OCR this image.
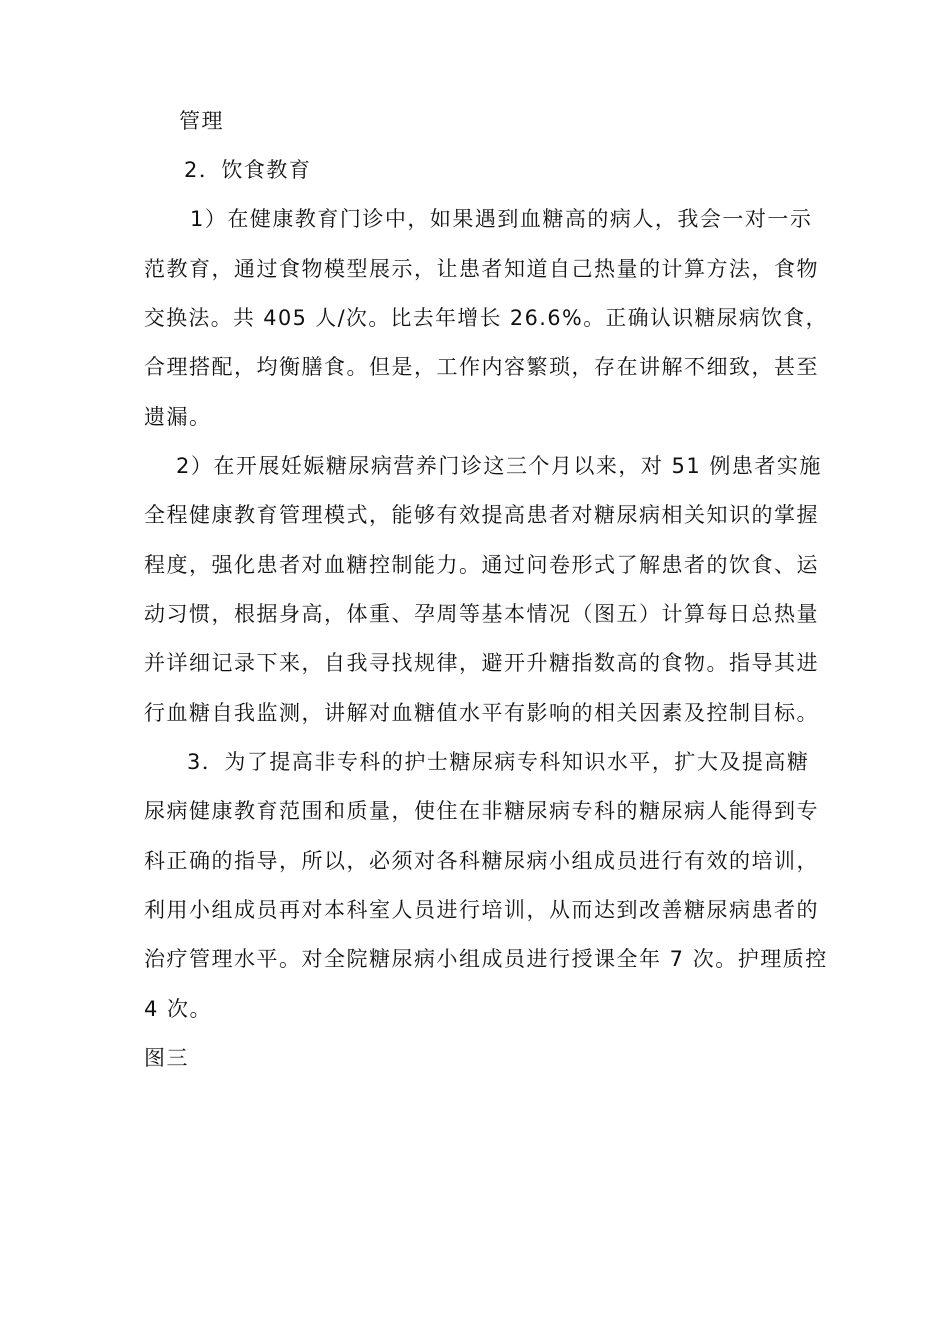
管理
2．饮食教育
1）在健康教育门诊中，如果遇到血糖高的病人，我会一对一示
范教育，通过食物模型展示，让患者知道自己热量的计算方法，食物
交换法。共 405 人/次。比去年增长 26.6%。正确认识糖尿病饮食，
合理搭配，均衡膳食。但是，工作内容繁琐，存在讲解不细致，甚至
遗漏。
2）在开展妊娠糖尿病营养门诊这三个月以来，对 51 例患者实施
全程健康教育管理模式，能够有效提高患者对糖尿病相关知识的掌握
程度，强化患者对血糖控制能力。通过问卷形式了解患者的饮食、运
动习惯，根据身高，体重、孕周等基本情况（图五）计算每日总热量
并详细记录下来，自我寻找规律，避开升糖指数高的食物。指导其进
行血糖自我监测，讲解对血糖值水平有影响的相关因素及控制目标。
3．为了提高非专科的护士糖尿病专科知识水平，扩大及提高糖
尿病健康教育范围和质量，使住在非糖尿病专科的糖尿病人能得到专
科正确的指导，所以，必须对各科糖尿病小组成员进行有效的培训，
利用小组成员再对本科室人员进行培训，从而达到改善糖尿病患者的
治疗管理水平。对全院糖尿病小组成员进行授课全年 7 次。护理质控
4 次。
图三
